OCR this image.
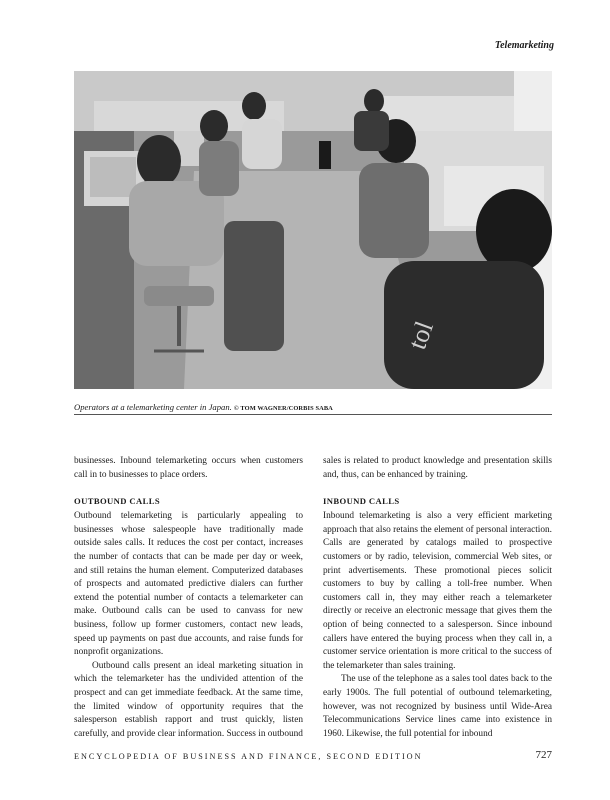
Telemarketing
tol
Operators at a telemarketing center in Japan. © TOM WAGNER/CORBIS SABA

businesses. Inbound telemarketing occurs when customers call in to businesses to place orders.

OUTBOUND CALLS

Outbound telemarketing is particularly appealing to businesses whose salespeople have traditionally made outside sales calls. It reduces the cost per contact, increases the number of contacts that can be made per day or week, and still retains the human element. Computerized databases of prospects and automated predictive dialers can further extend the potential number of contacts a telemarketer can make. Outbound calls can be used to canvass for new business, follow up former customers, contact new leads, speed up payments on past due accounts, and raise funds for nonprofit organizations.

Outbound calls present an ideal marketing situation in which the telemarketer has the undivided attention of the prospect and can get immediate feedback. At the same time, the limited window of opportunity requires that the salesperson establish rapport and trust quickly, listen carefully, and provide clear information. Success in outbound

sales is related to product knowledge and presentation skills and, thus, can be enhanced by training.

INBOUND CALLS

Inbound telemarketing is also a very efficient marketing approach that also retains the element of personal interaction. Calls are generated by catalogs mailed to prospective customers or by radio, television, commercial Web sites, or print advertisements. These promotional pieces solicit customers to buy by calling a toll-free number. When customers call in, they may either reach a telemarketer directly or receive an electronic message that gives them the option of being connected to a salesperson. Since inbound callers have entered the buying process when they call in, a customer service orientation is more critical to the success of the telemarketer than sales training.

The use of the telephone as a sales tool dates back to the early 1900s. The full potential of outbound telemarketing, however, was not recognized by business until Wide-Area Telecommunications Service lines came into existence in 1960. Likewise, the full potential for inbound

ENCYCLOPEDIA OF BUSINESS AND FINANCE, SECOND EDITION	727
